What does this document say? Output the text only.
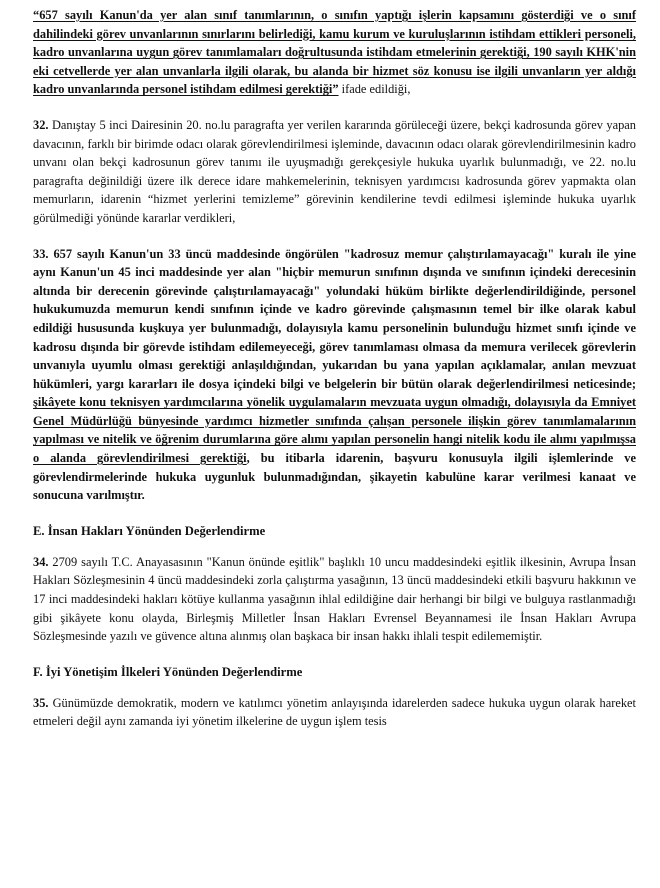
“657 sayılı Kanun'da yer alan sınıf tanımlarının, o sınıfın yaptığı işlerin kapsamını gösterdiği ve o sınıf dahilindeki görev unvanlarının sınırlarını belirlediği, kamu kurum ve kuruluşlarının istihdam ettikleri personeli, kadro unvanlarına uygun görev tanımlamaları doğrultusunda istihdam etmelerinin gerektiği, 190 sayılı KHK'nin eki cetvellerde yer alan unvanlarla ilgili olarak, bu alanda bir hizmet söz konusu ise ilgili unvanların yer aldığı kadro unvanlarında personel istihdam edilmesi gerektiği” ifade edildiği,

32. Danıştay 5 inci Dairesinin 20. no.lu paragrafta yer verilen kararında görüleceği üzere, bekçi kadrosunda görev yapan davacının, farklı bir birimde odacı olarak görevlendirilmesi işleminde, davacının odacı olarak görevlendirilmesinin kadro unvanı olan bekçi kadrosunun görev tanımı ile uyuşmadığı gerekçesiyle hukuka uyarlık bulunmadığı, ve 22. no.lu paragrafta değinildiği üzere ilk derece idare mahkemelerinin, teknisyen yardımcısı kadrosunda görev yapmakta olan memurların, idarenin “hizmet yerlerini temizleme” görevinin kendilerine tevdi edilmesi işleminde hukuka uyarlık görülmediği yönünde kararlar verdikleri,

33. 657 sayılı Kanun'un 33 üncü maddesinde öngörülen "kadrosuz memur çalıştırılamayacağı" kuralı ile yine aynı Kanun'un 45 inci maddesinde yer alan "hiçbir memurun sınıfının dışında ve sınıfının içindeki derecesinin altında bir derecenin görevinde çalıştırılamayacağı" yolundaki hüküm birlikte değerlendirildiğinde, personel hukukumuzda memurun kendi sınıfının içinde ve kadro görevinde çalışmasının temel bir ilke olarak kabul edildiği hususunda kuşkuya yer bulunmadığı, dolayısıyla kamu personelinin bulunduğu hizmet sınıfı içinde ve kadrosu dışında bir görevde istihdam edilemeyeceği, görev tanımlaması olmasa da memura verilecek görevlerin unvanıyla uyumlu olması gerektiği anlaşıldığından, yukarıdan bu yana yapılan açıklamalar, anılan mevzuat hükümleri, yargı kararları ile dosya içindeki bilgi ve belgelerin bir bütün olarak değerlendirilmesi neticesinde; şikâyete konu teknisyen yardımcılarına yönelik uygulamaların mevzuata uygun olmadığı, dolayısıyla da Emniyet Genel Müdürlüğü bünyesinde yardımcı hizmetler sınıfında çalışan personele ilişkin görev tanımlamalarının yapılması ve nitelik ve öğrenim durumlarına göre alımı yapılan personelin hangi nitelik kodu ile alımı yapılmışsa o alanda görevlendirilmesi gerektiği, bu itibarla idarenin, başvuru konusuyla ilgili işlemlerinde ve görevlendirmelerinde hukuka uygunluk bulunmadığından, şikayetin kabulüne karar verilmesi kanaat ve sonucuna varılmıştır.

E. İnsan Hakları Yönünden Değerlendirme

34. 2709 sayılı T.C. Anayasasının "Kanun önünde eşitlik" başlıklı 10 uncu maddesindeki eşitlik ilkesinin, Avrupa İnsan Hakları Sözleşmesinin 4 üncü maddesindeki zorla çalıştırma yasağının, 13 üncü maddesindeki etkili başvuru hakkının ve 17 inci maddesindeki hakları kötüye kullanma yasağının ihlal edildiğine dair herhangi bir bilgi ve bulguya rastlanmadığı gibi şikâyete konu olayda, Birleşmiş Milletler İnsan Hakları Evrensel Beyannamesi ile İnsan Hakları Avrupa Sözleşmesinde yazılı ve güvence altına alınmış olan başkaca bir insan hakkı ihlali tespit edilememiştir.

F. İyi Yönetişim İlkeleri Yönünden Değerlendirme

35. Günümüzde demokratik, modern ve katılımcı yönetim anlayışında idarelerden sadece hukuka uygun olarak hareket etmeleri değil aynı zamanda iyi yönetim ilkelerine de uygun işlem tesis
